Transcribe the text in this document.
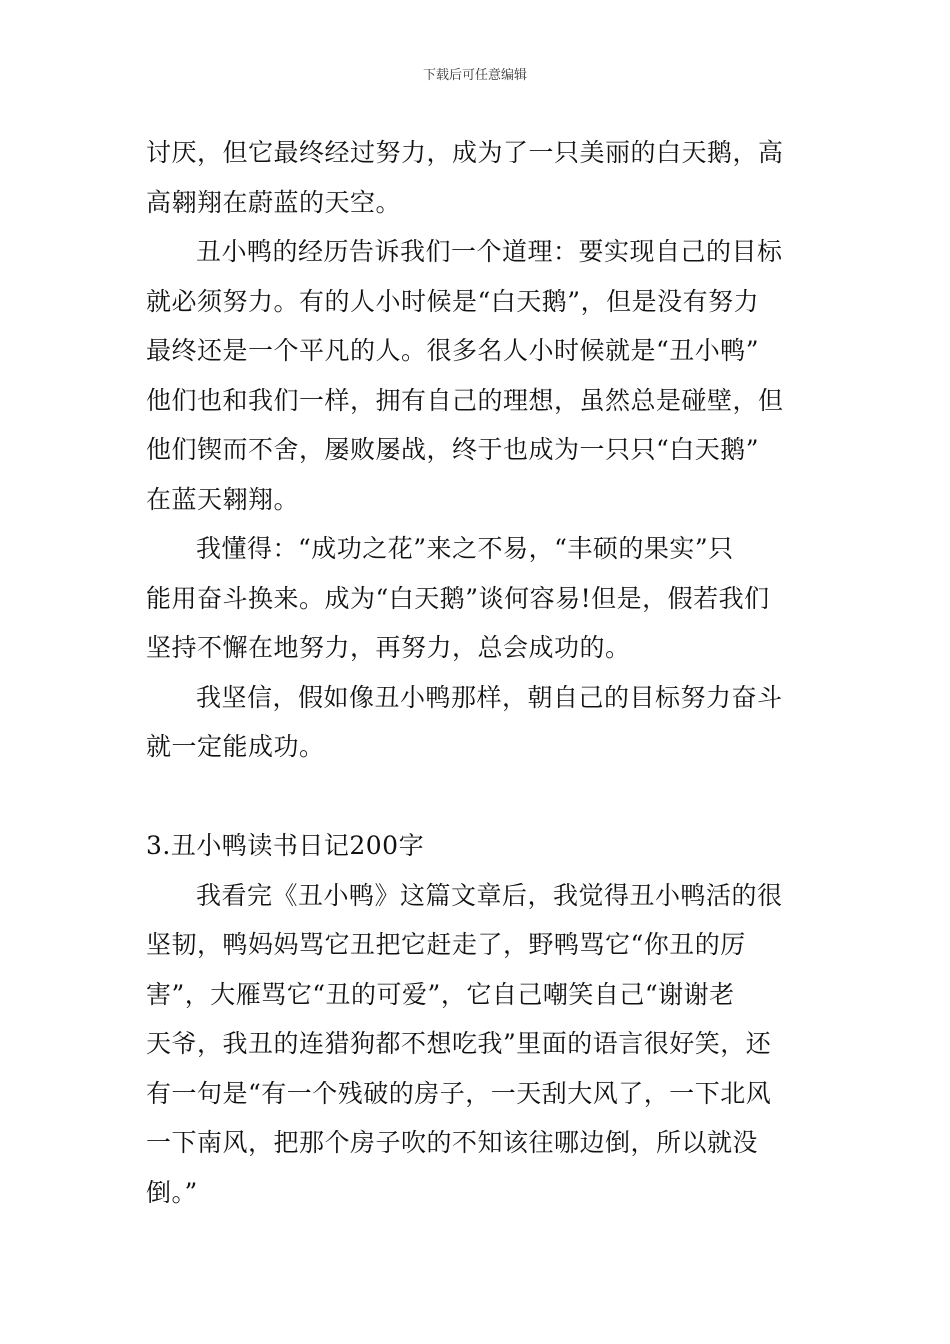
下载后可任意编辑
讨厌，但它最终经过努力，成为了一只美丽的白天鹅，高
高翱翔在蔚蓝的天空。
丑小鸭的经历告诉我们一个道理：要实现自己的目标
就必须努力。有的人小时候是“白天鹅”，但是没有努力
最终还是一个平凡的人。很多名人小时候就是“丑小鸭”
他们也和我们一样，拥有自己的理想，虽然总是碰壁，但
他们锲而不舍，屡败屡战，终于也成为一只只“白天鹅”
在蓝天翱翔。
我懂得：“成功之花”来之不易，“丰硕的果实”只
能用奋斗换来。成为“白天鹅”谈何容易!但是，假若我们
坚持不懈在地努力，再努力，总会成功的。
我坚信，假如像丑小鸭那样，朝自己的目标努力奋斗
就一定能成功。
3.丑小鸭读书日记200字
我看完《丑小鸭》这篇文章后，我觉得丑小鸭活的很
坚韧，鸭妈妈骂它丑把它赶走了，野鸭骂它“你丑的厉
害”，大雁骂它“丑的可爱”，它自己嘲笑自己“谢谢老
天爷，我丑的连猎狗都不想吃我”里面的语言很好笑，还
有一句是“有一个残破的房子，一天刮大风了，一下北风
一下南风，把那个房子吹的不知该往哪边倒，所以就没
倒。”
